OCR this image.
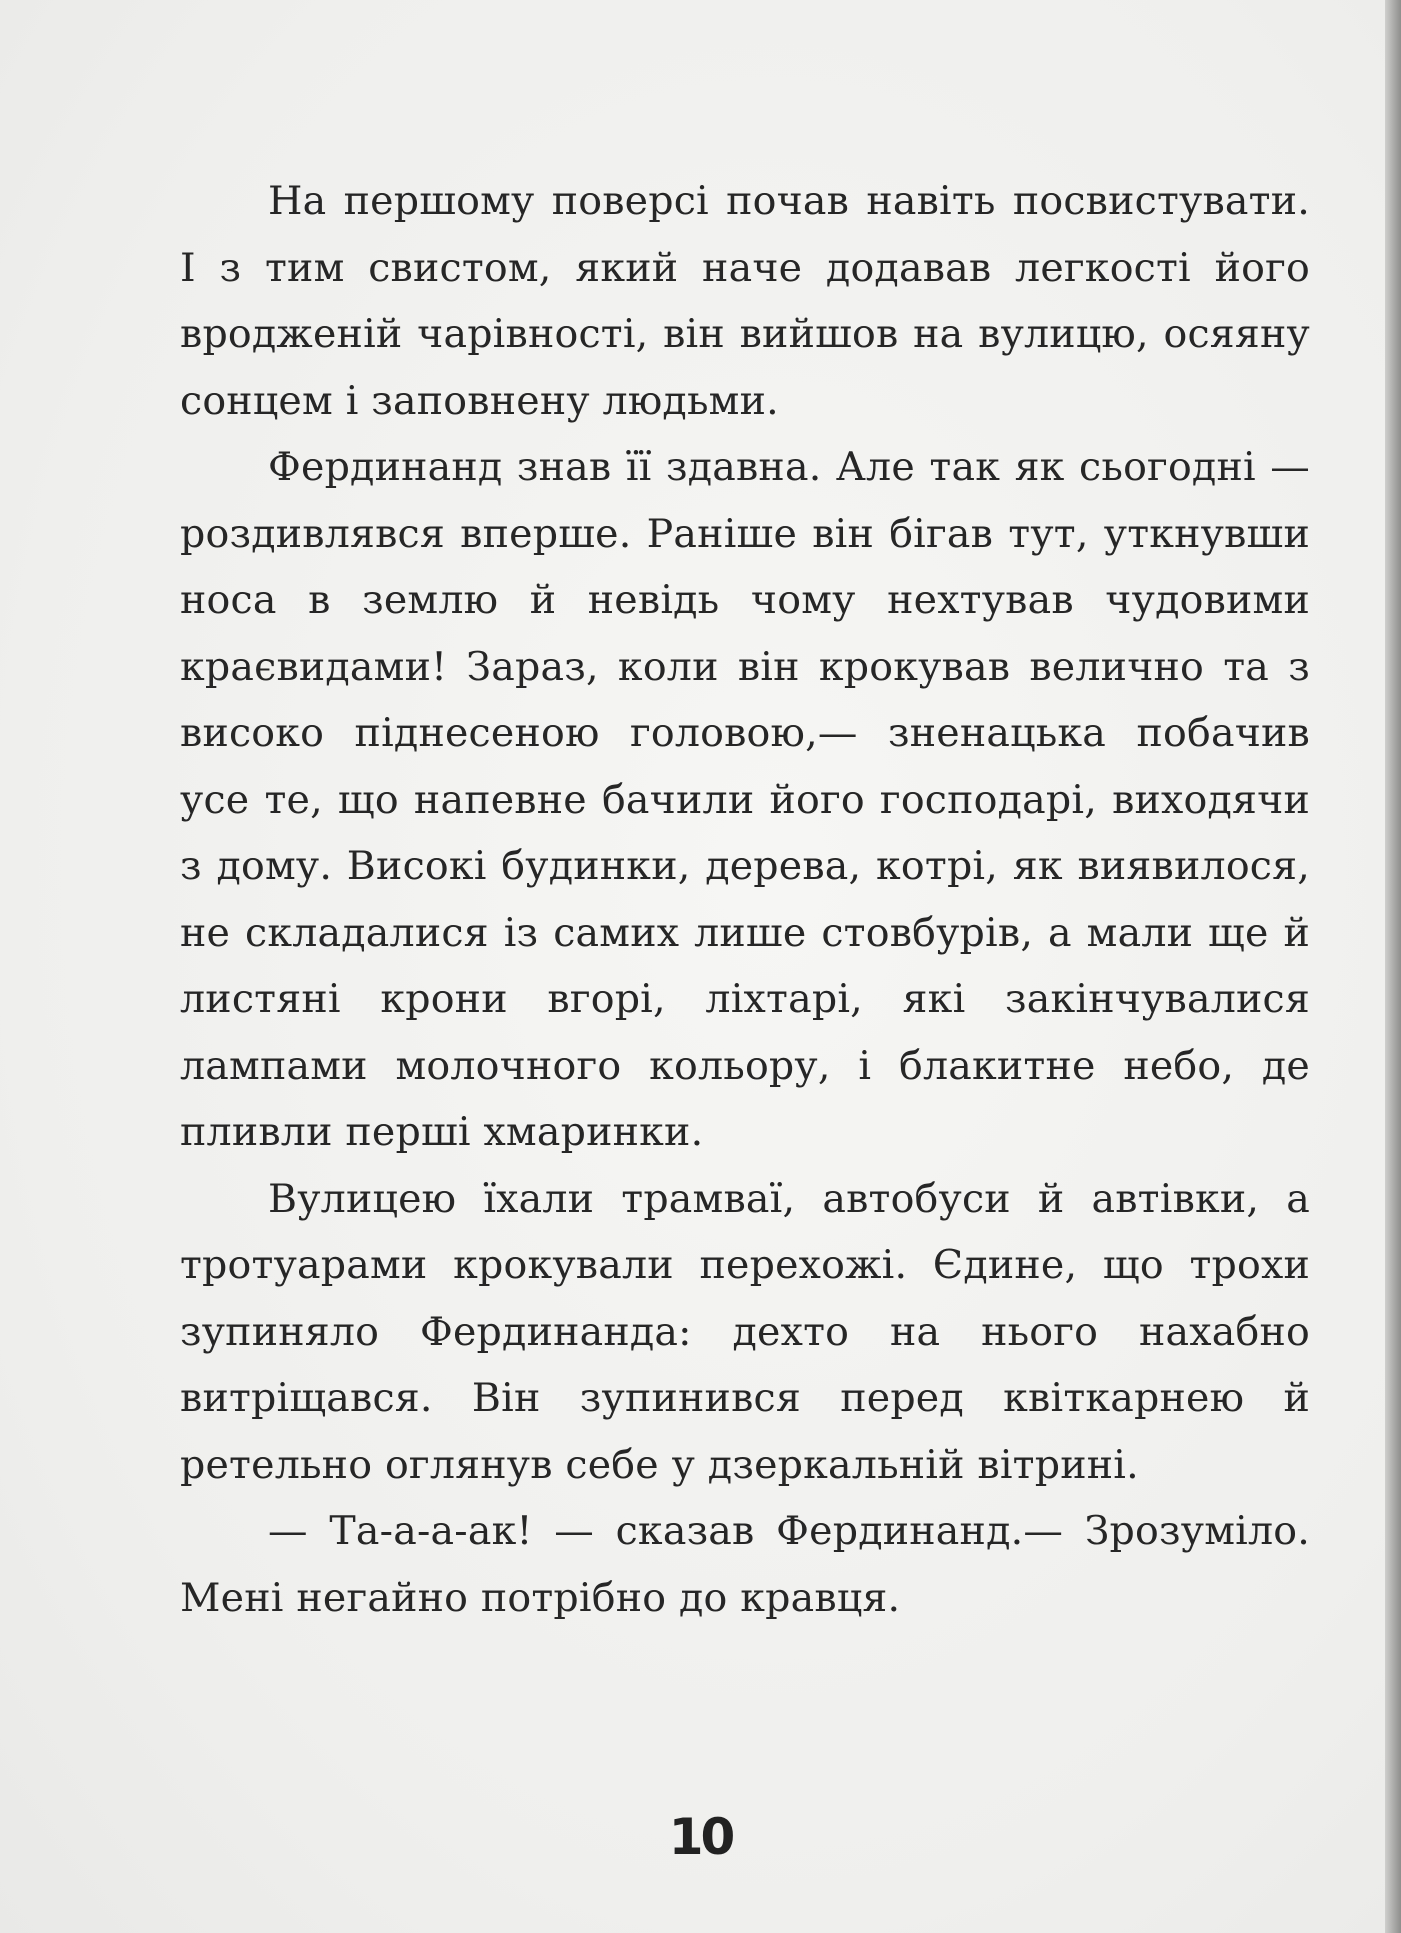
На першому поверсі почав навіть посвистувати. І з тим свистом, який наче додавав легкості його вродженій чарівності, він вийшов на вулицю, осяяну сонцем і заповнену людьми.

Фердинанд знав її здавна. Але так як сьогодні — роздивлявся вперше. Раніше він бігав тут, уткнувши носа в землю й невідь чому нехтував чудовими краєвидами! Зараз, коли він крокував велично та з високо піднесеною головою,— зненацька побачив усе те, що напевне бачили його господарі, виходячи з дому. Високі будинки, дерева, котрі, як виявилося, не складалися із самих лише стовбурів, а мали ще й листяні крони вгорі, ліхтарі, які закінчувалися лампами молочного кольору, і блакитне небо, де пливли перші хмаринки.

Вулицею їхали трамваї, автобуси й автівки, а тротуарами крокували перехожі. Єдине, що трохи зупиняло Фердинанда: дехто на нього нахабно витріщався. Він зупинився перед квіткарнею й ретельно оглянув себе у дзеркальній вітрині.

— Та-а-а-ак! — сказав Фердинанд.— Зрозуміло. Мені негайно потрібно до кравця.

10
